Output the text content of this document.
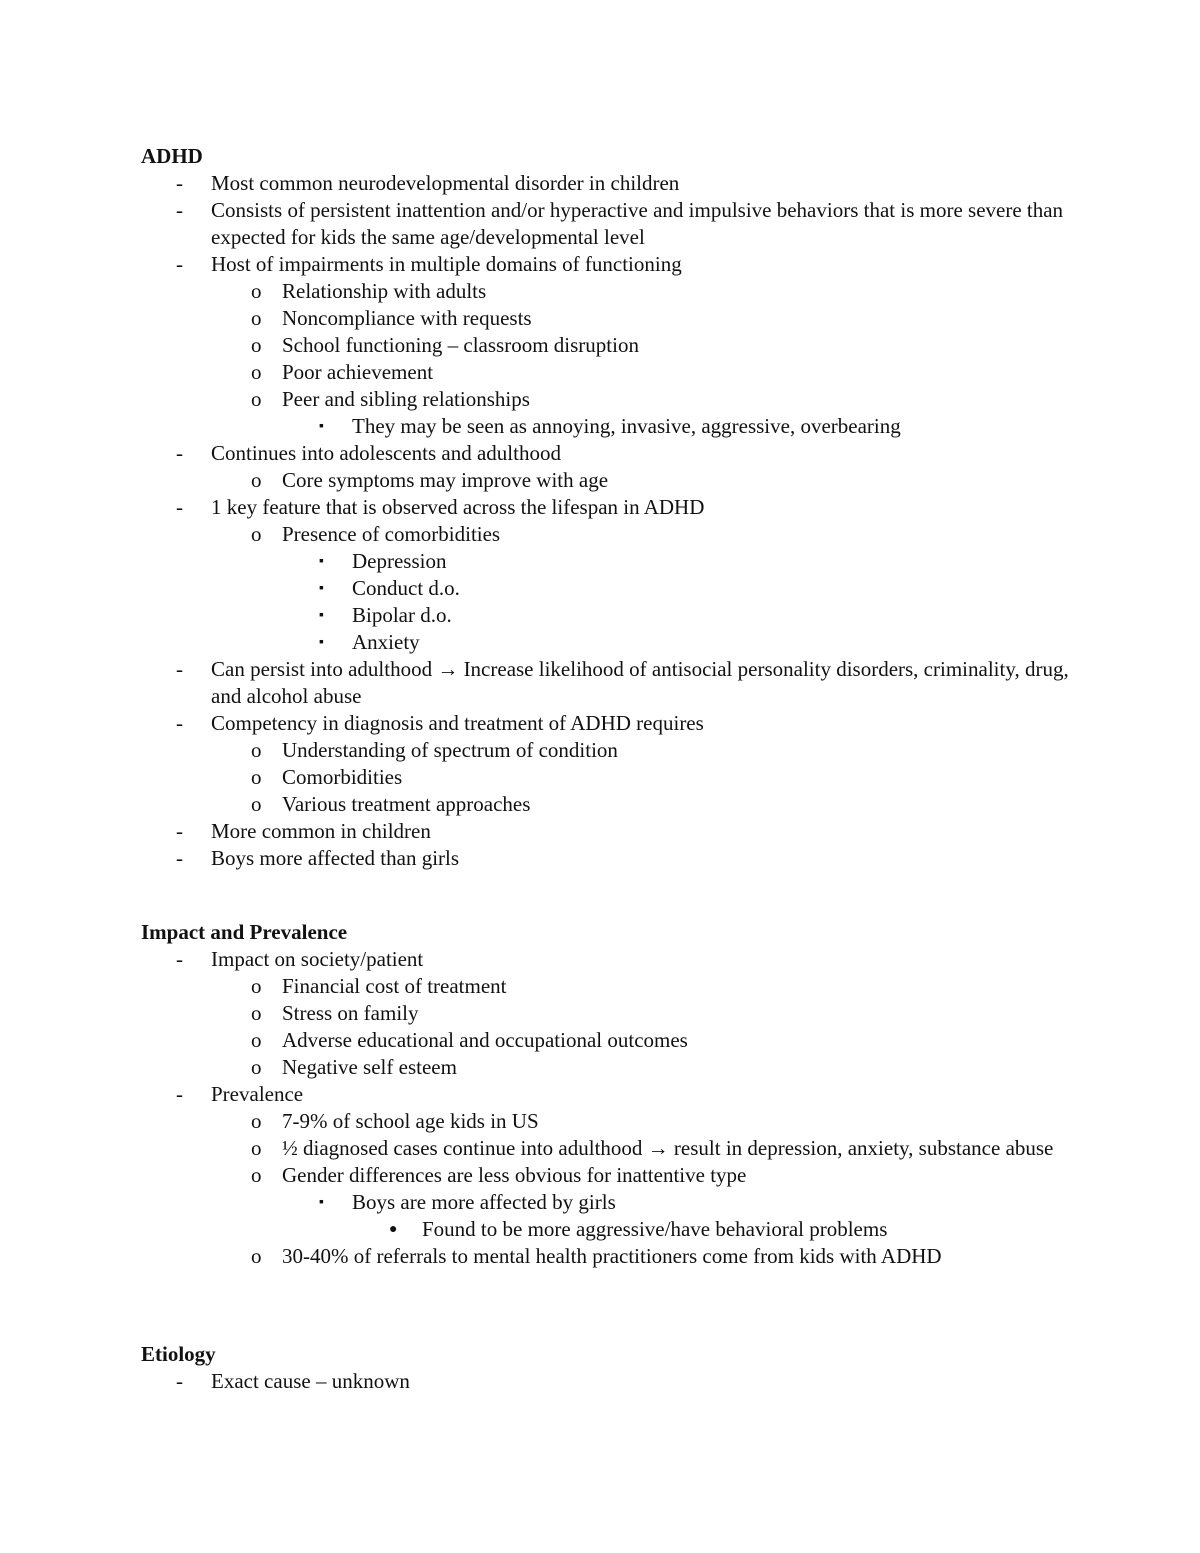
ADHD
- Most common neurodevelopmental disorder in children
- Consists of persistent inattention and/or hyperactive and impulsive behaviors that is more severe than expected for kids the same age/developmental level
- Host of impairments in multiple domains of functioning
o Relationship with adults
o Noncompliance with requests
o School functioning – classroom disruption
o Poor achievement
o Peer and sibling relationships
▪ They may be seen as annoying, invasive, aggressive, overbearing
- Continues into adolescents and adulthood
o Core symptoms may improve with age
- 1 key feature that is observed across the lifespan in ADHD
o Presence of comorbidities
▪ Depression
▪ Conduct d.o.
▪ Bipolar d.o.
▪ Anxiety
- Can persist into adulthood → Increase likelihood of antisocial personality disorders, criminality, drug, and alcohol abuse
- Competency in diagnosis and treatment of ADHD requires
o Understanding of spectrum of condition
o Comorbidities
o Various treatment approaches
- More common in children
- Boys more affected than girls
Impact and Prevalence
- Impact on society/patient
o Financial cost of treatment
o Stress on family
o Adverse educational and occupational outcomes
o Negative self esteem
- Prevalence
o 7-9% of school age kids in US
o ½ diagnosed cases continue into adulthood → result in depression, anxiety, substance abuse
o Gender differences are less obvious for inattentive type
▪ Boys are more affected by girls
● Found to be more aggressive/have behavioral problems
o 30-40% of referrals to mental health practitioners come from kids with ADHD
Etiology
- Exact cause – unknown
